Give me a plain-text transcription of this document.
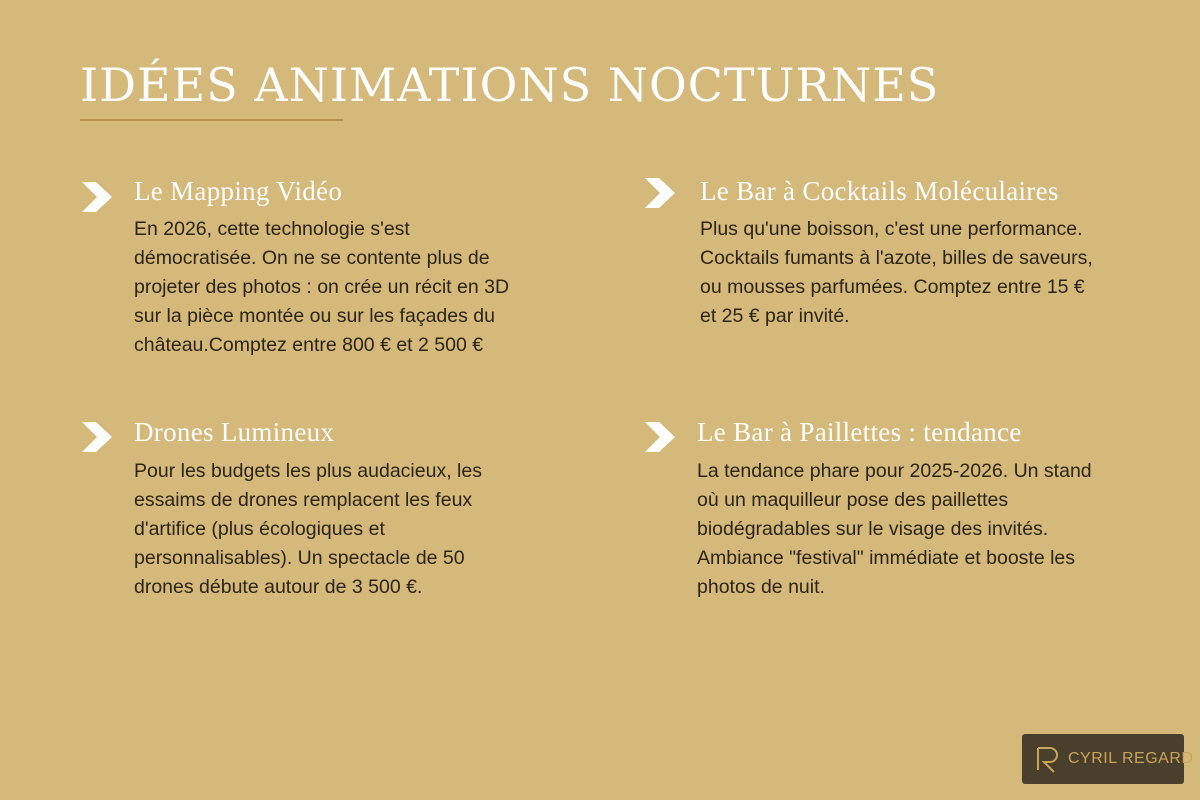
IDÉES ANIMATIONS NOCTURNES
Le Mapping Vidéo
En 2026, cette technologie s'est démocratisée. On ne se contente plus de projeter des photos : on crée un récit en 3D sur la pièce montée ou sur les façades du château.Comptez entre 800 € et 2 500 €
Le Bar à Cocktails Moléculaires
Plus qu'une boisson, c'est une performance. Cocktails fumants à l'azote, billes de saveurs, ou mousses parfumées. Comptez entre 15 € et 25 € par invité.
Drones Lumineux
Pour les budgets les plus audacieux, les essaims de drones remplacent les feux d'artifice (plus écologiques et personnalisables). Un spectacle de 50 drones débute autour de 3 500 €.
Le Bar à Paillettes : tendance
La tendance phare pour 2025-2026. Un stand où un maquilleur pose des paillettes biodégradables sur le visage des invités. Ambiance "festival" immédiate et booste les photos de nuit.
CYRIL REGARD
